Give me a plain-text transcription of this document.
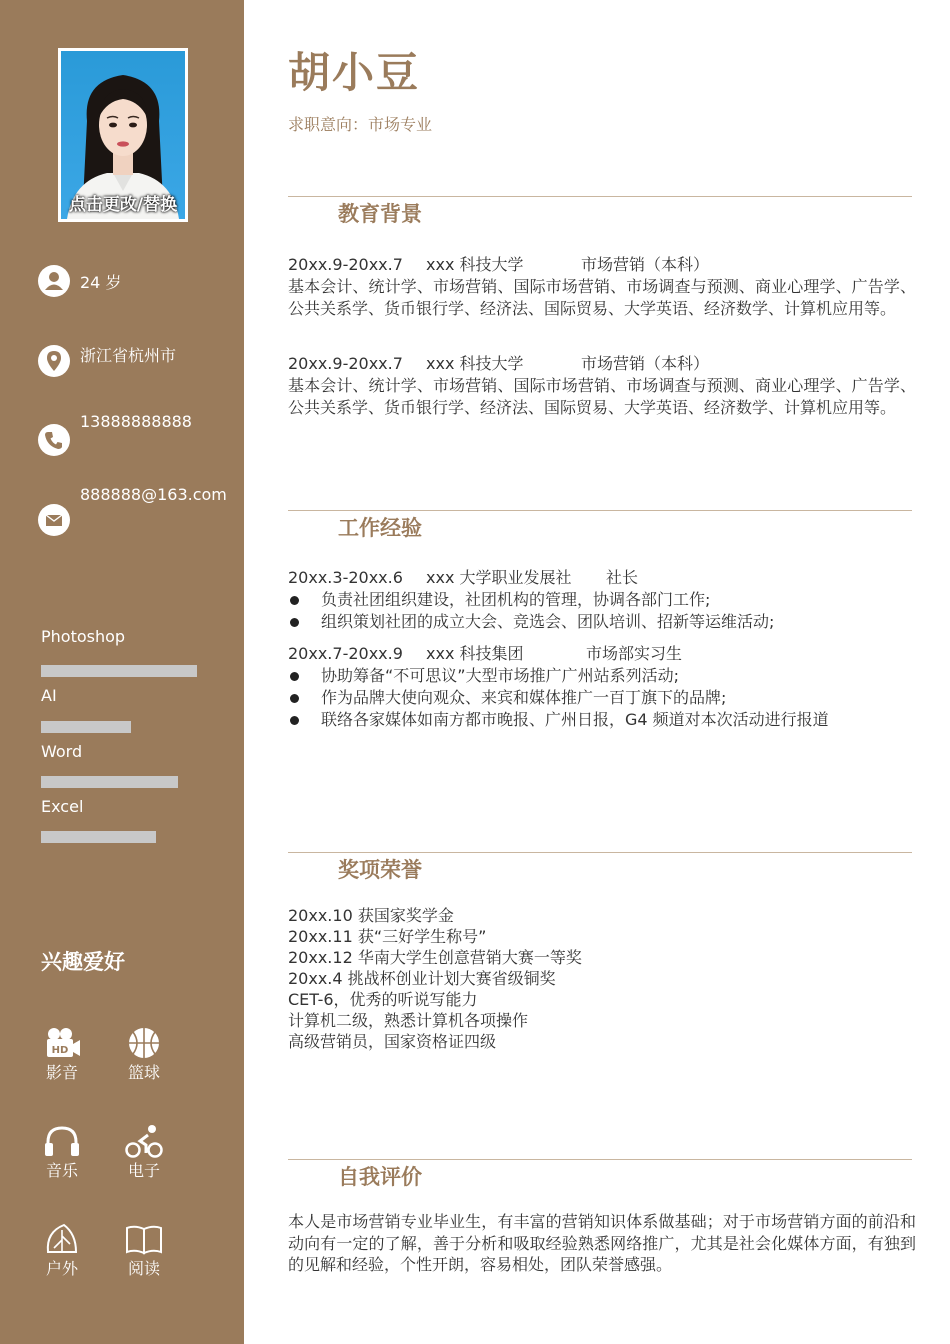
点击更改/替换
24 岁
浙江省杭州市
13888888888
888888@163.com
Photoshop
AI
Word
Excel
兴趣爱好
HD
影音	篮球
音乐	电子
户外	阅读
胡小豆
求职意向：市场专业
教育背景
20xx.9-20xx.7 xxx 科技大学	市场营销（本科）
基本会计、统计学、市场营销、国际市场营销、市场调查与预测、商业心理学、广告学、公共关系学、货币银行学、经济法、国际贸易、大学英语、经济数学、计算机应用等。
20xx.9-20xx.7 xxx 科技大学	市场营销（本科）
基本会计、统计学、市场营销、国际市场营销、市场调查与预测、商业心理学、广告学、公共关系学、货币银行学、经济法、国际贸易、大学英语、经济数学、计算机应用等。
工作经验
20xx.3-20xx.6 xxx 大学职业发展社 社长
负责社团组织建设，社团机构的管理，协调各部门工作;
组织策划社团的成立大会、竞选会、团队培训、招新等运维活动;
20xx.7-20xx.9 xxx 科技集团	市场部实习生
协助筹备“不可思议”大型市场推广广州站系列活动;
作为品牌大使向观众、来宾和媒体推广一百丁旗下的品牌;
联络各家媒体如南方都市晚报、广州日报，G4 频道对本次活动进行报道
奖项荣誉
20xx.10 获国家奖学金
20xx.11 获“三好学生称号”
20xx.12 华南大学生创意营销大赛一等奖
20xx.4 挑战杯创业计划大赛省级铜奖
CET-6，优秀的听说写能力
计算机二级，熟悉计算机各项操作
高级营销员，国家资格证四级
自我评价
本人是市场营销专业毕业生，有丰富的营销知识体系做基础；对于市场营销方面的前沿和动向有一定的了解，善于分析和吸取经验熟悉网络推广，尤其是社会化媒体方面，有独到的见解和经验，个性开朗，容易相处，团队荣誉感强。
